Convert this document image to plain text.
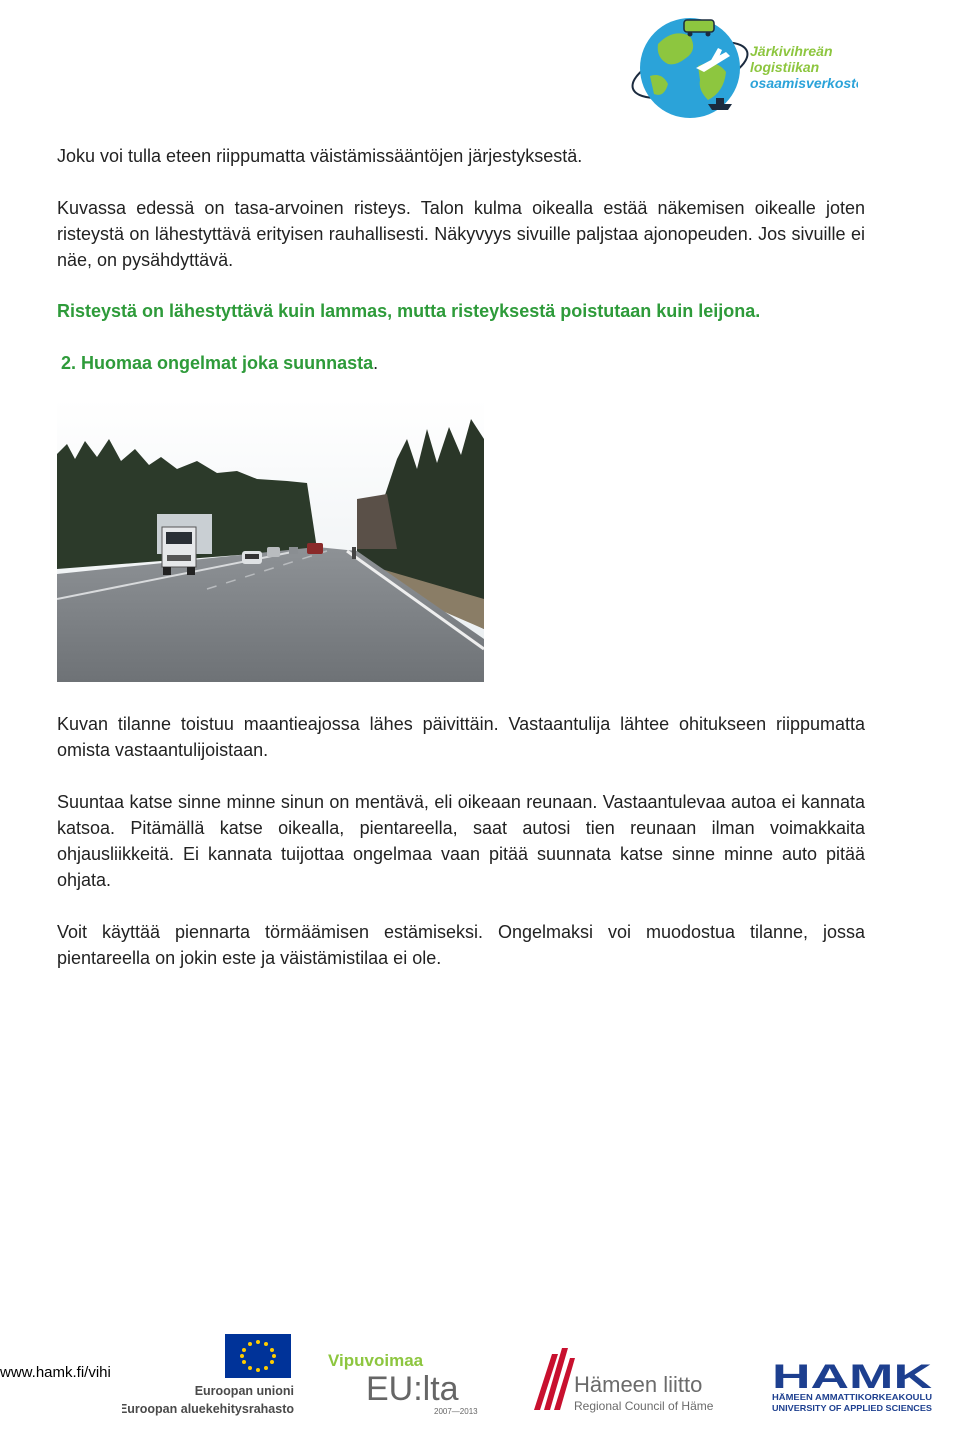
Järkivihreän
logistiikan
osaamisverkosto

Joku voi tulla eteen riippumatta väistämissääntöjen järjestyksestä.

Kuvassa edessä on tasa-arvoinen risteys. Talon kulma oikealla estää näkemisen oikealle joten risteystä on lähestyttävä erityisen rauhallisesti. Näkyvyys sivuille paljstaa ajonopeuden. Jos sivuille ei näe, on pysähdyttävä.

Risteystä on lähestyttävä kuin lammas, mutta risteyksestä poistutaan kuin leijona.

2. Huomaa ongelmat joka suunnasta.

Kuvan tilanne toistuu maantieajossa lähes päivittäin. Vastaantulija lähtee ohitukseen riippumatta omista vastaantulijoistaan.

Suuntaa katse sinne minne sinun on mentävä, eli oikeaan reunaan. Vastaantulevaa autoa ei kannata katsoa. Pitämällä katse oikealla, pientareella, saat autosi tien reunaan ilman voimakkaita ohjausliikkeitä. Ei kannata tuijottaa ongelmaa vaan pitää suunnata katse sinne minne auto pitää ohjata.

Voit käyttää piennarta törmäämisen estämiseksi. Ongelmaksi voi muodostua tilanne, jossa pientareella on jokin este ja väistämistilaa ei ole.

www.hamk.fi/vihi
Euroopan unioni
Euroopan aluekehitysrahasto
Vipuvoimaa
EU:lta
2007—2013
Hämeen liitto
Regional Council of Häme
HAMK
HÄMEEN AMMATTIKORKEAKOULU
UNIVERSITY OF APPLIED SCIENCES
